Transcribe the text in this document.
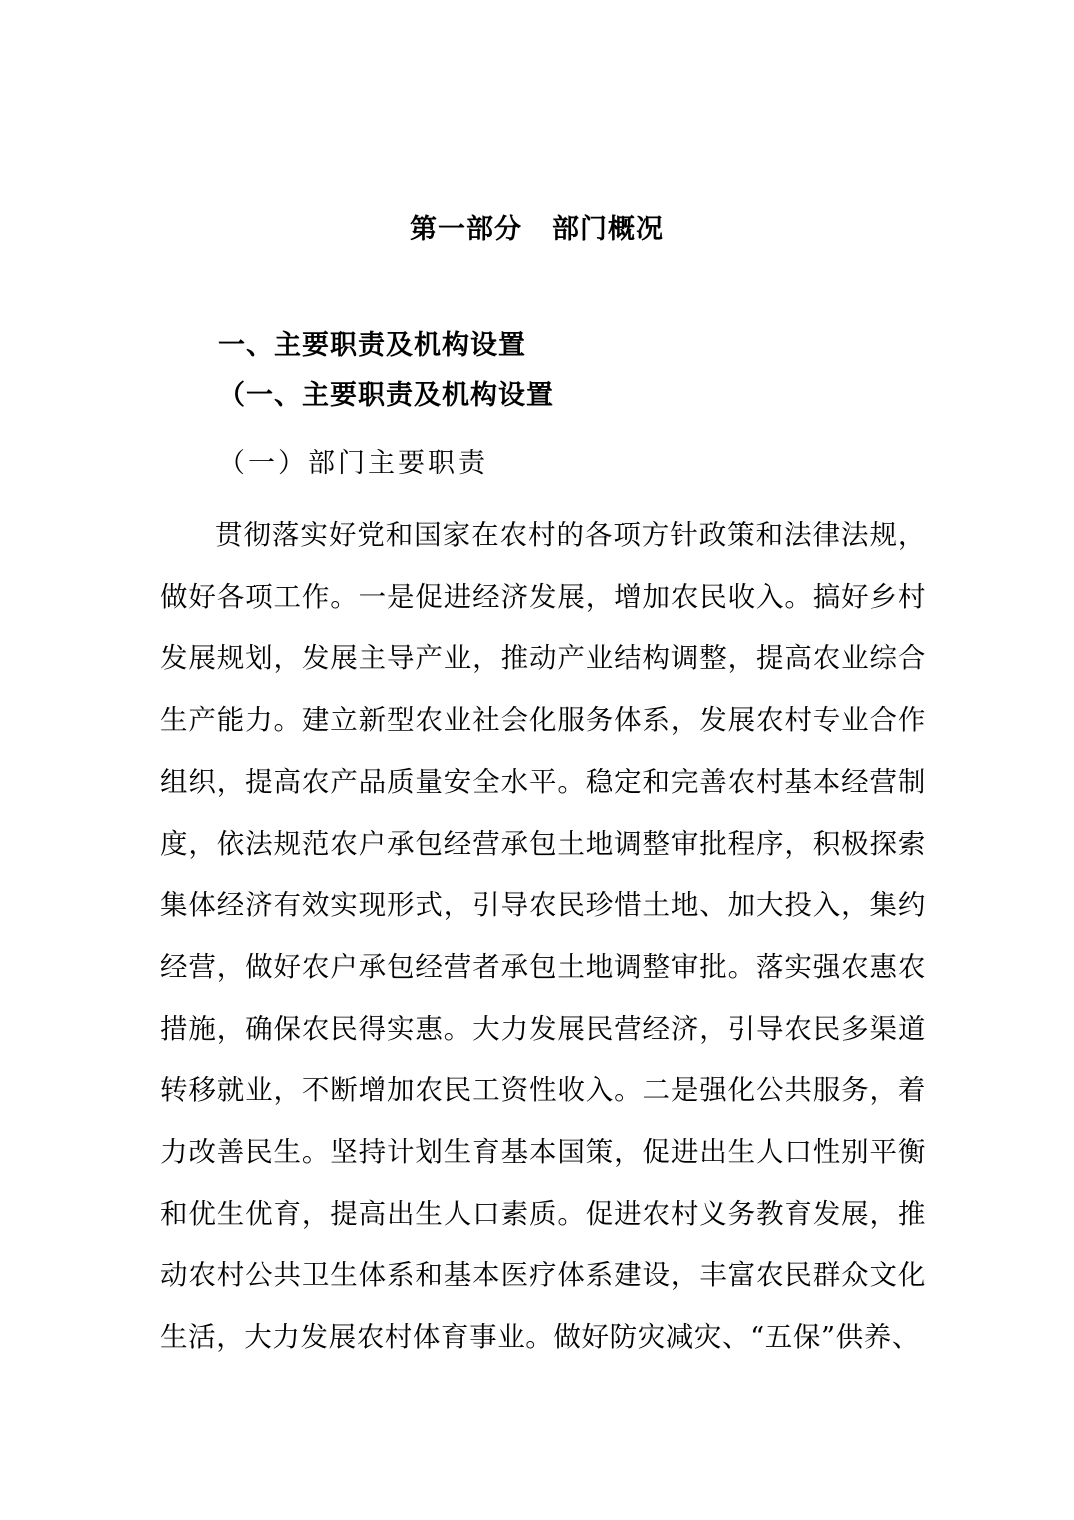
第一部分 部门概况
一、主要职责及机构设置
（一、主要职责及机构设置
（一）部门主要职责

贯彻落实好党和国家在农村的各项方针政策和法律法规，做好各项工作。一是促进经济发展，增加农民收入。搞好乡村发展规划，发展主导产业，推动产业结构调整，提高农业综合生产能力。建立新型农业社会化服务体系，发展农村专业合作组织，提高农产品质量安全水平。稳定和完善农村基本经营制度，依法规范农户承包经营承包土地调整审批程序，积极探索集体经济有效实现形式，引导农民珍惜土地、加大投入，集约经营，做好农户承包经营者承包土地调整审批。落实强农惠农措施，确保农民得实惠。大力发展民营经济，引导农民多渠道转移就业，不断增加农民工资性收入。二是强化公共服务，着力改善民生。坚持计划生育基本国策，促进出生人口性别平衡和优生优育，提高出生人口素质。促进农村义务教育发展，推动农村公共卫生体系和基本医疗体系建设，丰富农民群众文化生活，大力发展农村体育事业。做好防灾减灾、“五保”供养、
